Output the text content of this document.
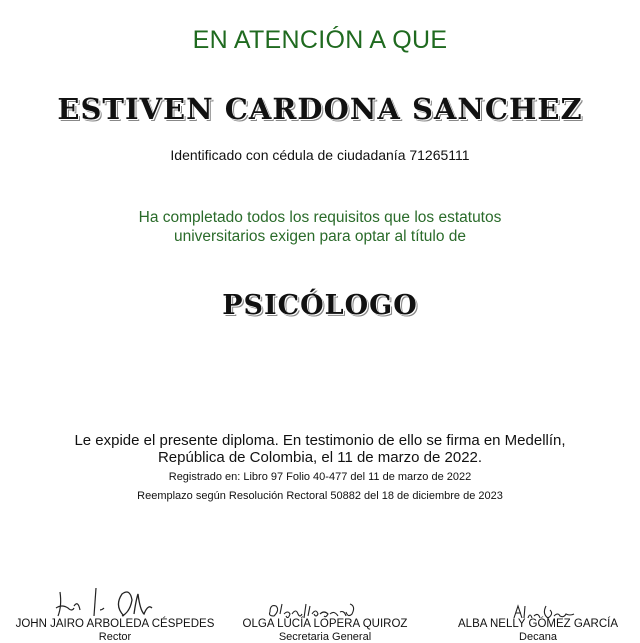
EN ATENCIÓN A QUE
ESTIVEN CARDONA SANCHEZ
Identificado con cédula de ciudadanía 71265111
Ha completado todos los requisitos que los estatutos
universitarios exigen para optar al título de
PSICÓLOGO
Le expide el presente diploma. En testimonio de ello se firma en Medellín,
República de Colombia, el 11 de marzo de 2022.
Registrado en: Libro 97 Folio 40-477 del 11 de marzo de 2022
Reemplazo según Resolución Rectoral 50882 del 18 de diciembre de 2023
JOHN JAIRO ARBOLEDA CÉSPEDES
Rector
OLGA LUCÍA LOPERA QUIROZ
Secretaria General
ALBA NELLY GÓMEZ GARCÍA
Decana
